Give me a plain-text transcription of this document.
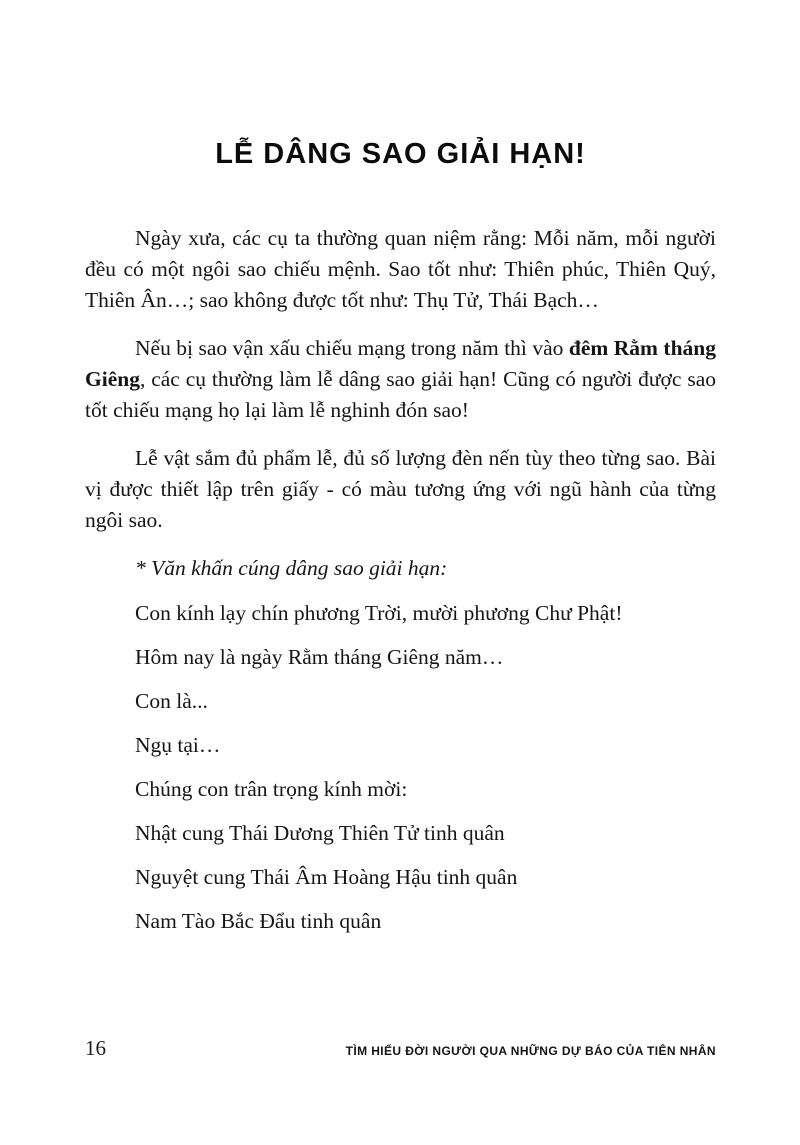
LỄ DÂNG SAO GIẢI HẠN!

Ngày xưa, các cụ ta thường quan niệm rằng: Mỗi năm, mỗi người đều có một ngôi sao chiếu mệnh. Sao tốt như: Thiên phúc, Thiên Quý, Thiên Ân…; sao không được tốt như: Thụ Tử, Thái Bạch…

Nếu bị sao vận xấu chiếu mạng trong năm thì vào đêm Rằm tháng Giêng, các cụ thường làm lễ dâng sao giải hạn! Cũng có người được sao tốt chiếu mạng họ lại làm lễ nghinh đón sao!

Lễ vật sắm đủ phẩm lễ, đủ số lượng đèn nến tùy theo từng sao. Bài vị được thiết lập trên giấy - có màu tương ứng với ngũ hành của từng ngôi sao.

* Văn khấn cúng dâng sao giải hạn:

Con kính lạy chín phương Trời, mười phương Chư Phật!

Hôm nay là ngày Rằm tháng Giêng năm…

Con là...

Ngụ tại…

Chúng con trân trọng kính mời:

Nhật cung Thái Dương Thiên Tử tinh quân

Nguyệt cung Thái Âm Hoàng Hậu tinh quân

Nam Tào Bắc Đẩu tinh quân

16	TÌM HIỂU ĐỜI NGƯỜI QUA NHỮNG DỰ BÁO CỦA TIÊN NHÂN
